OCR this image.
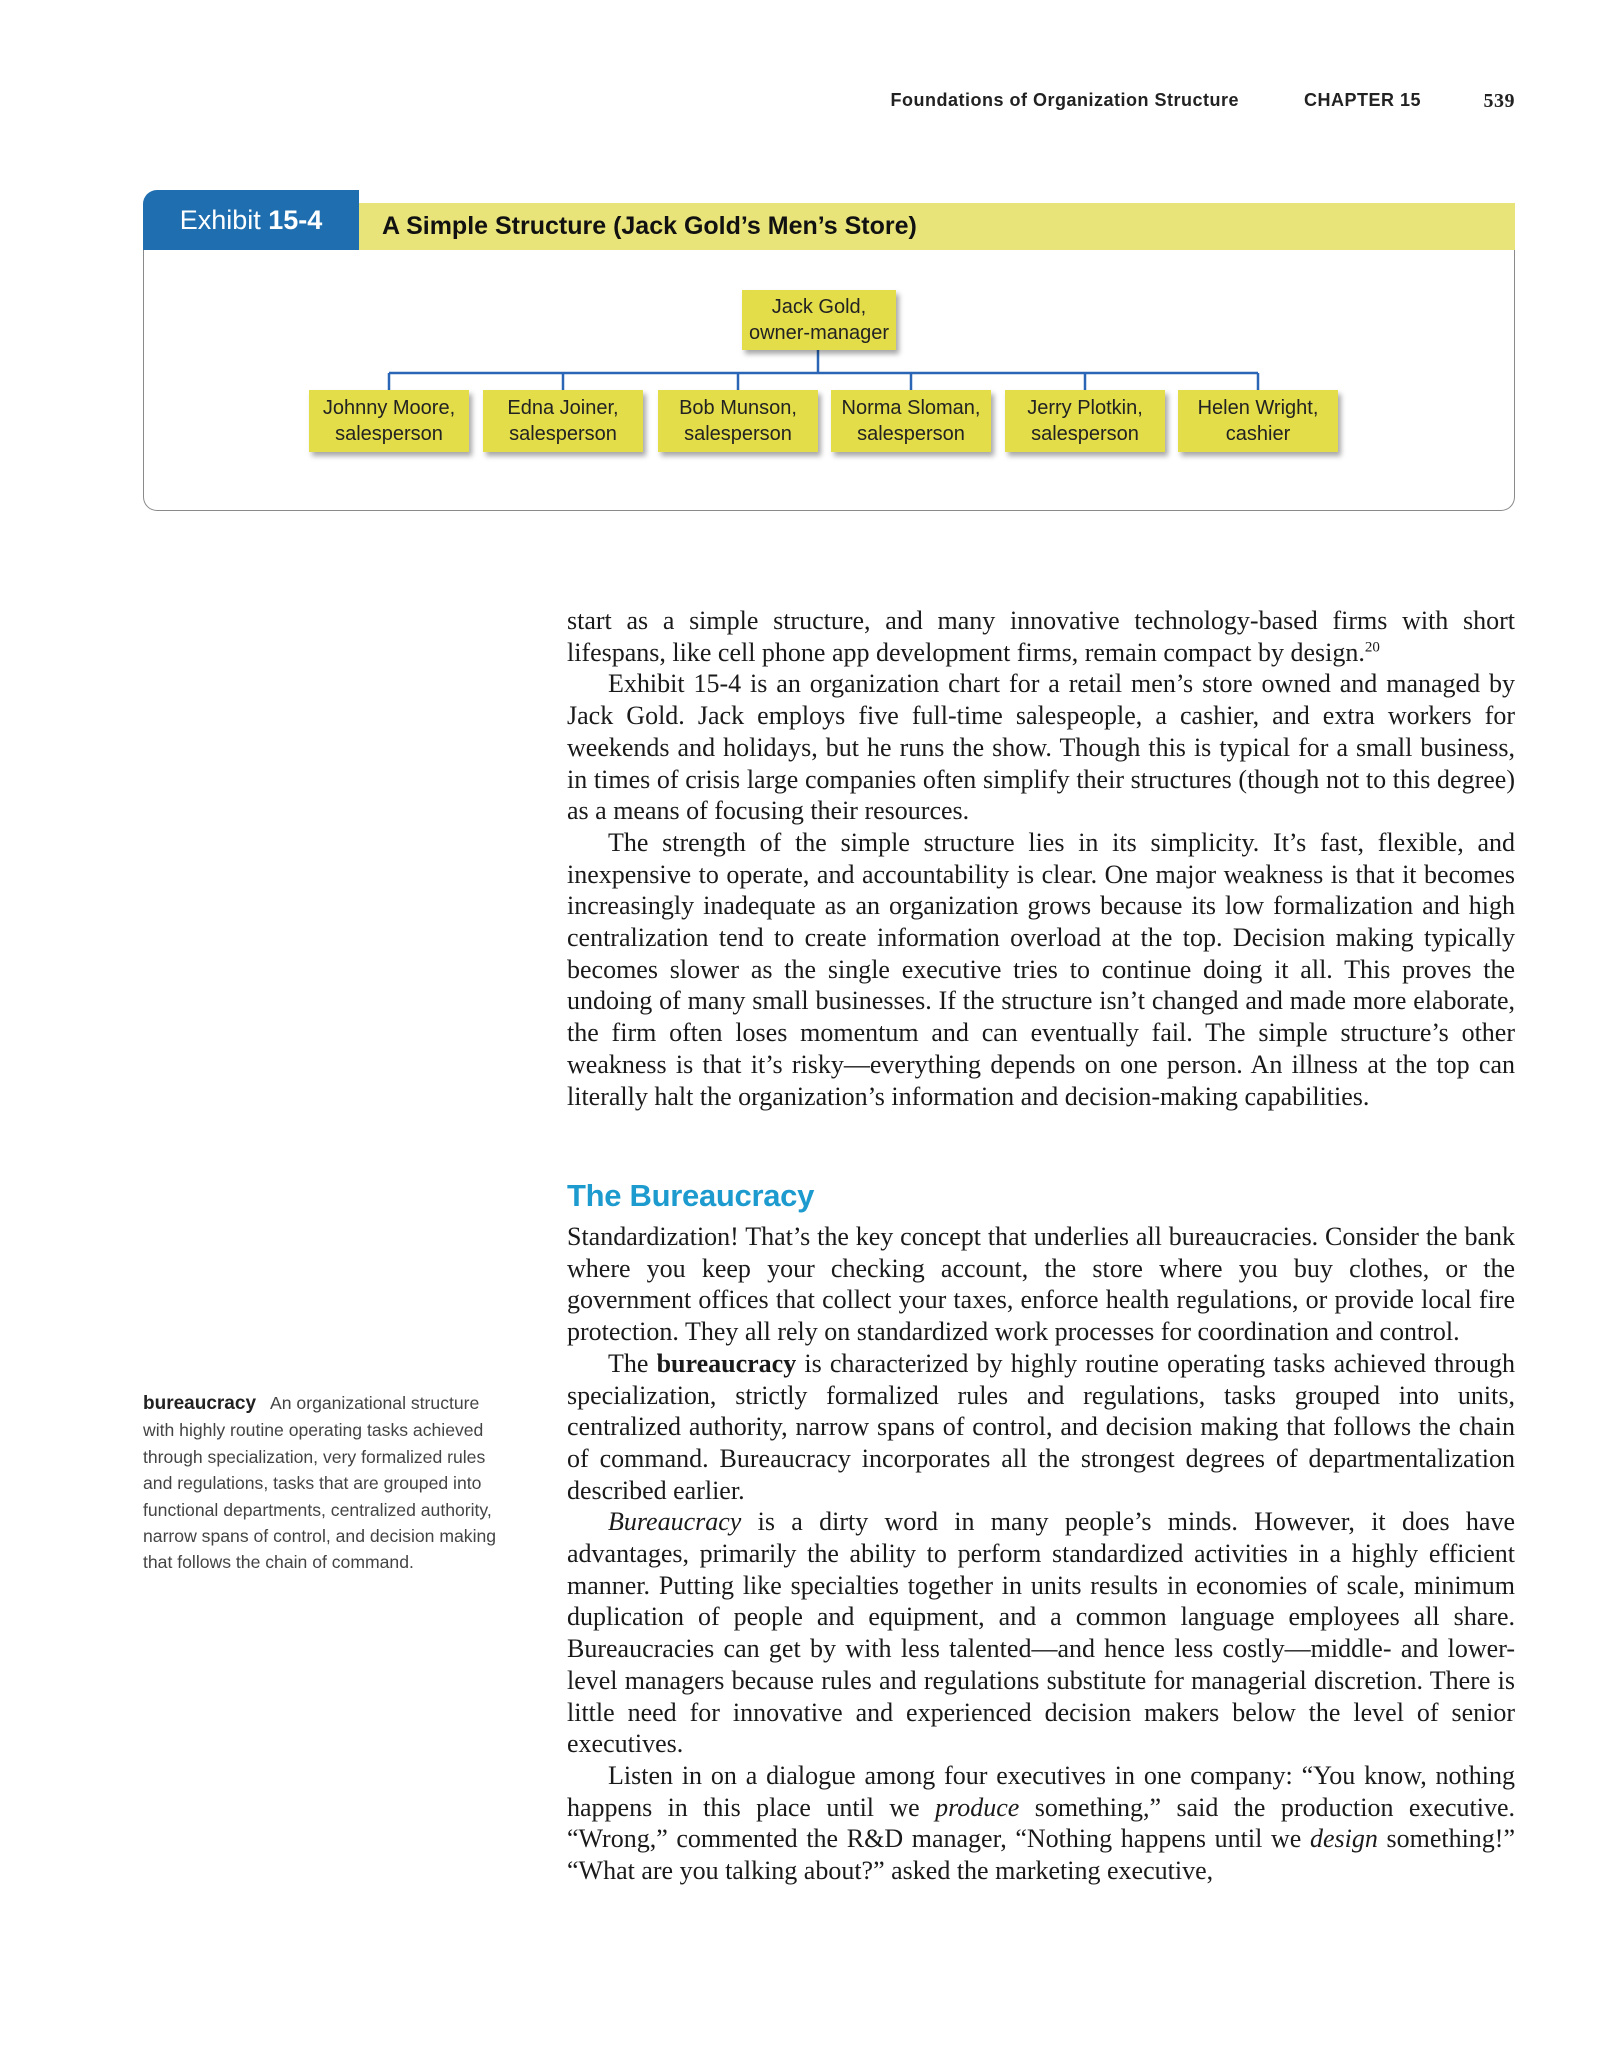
Foundations of Organization Structure	CHAPTER 15	539
Exhibit 15-4	A Simple Structure (Jack Gold’s Men’s Store)
Jack Gold,
owner-manager
Johnny Moore,
salesperson
Edna Joiner,
salesperson
Bob Munson,
salesperson
Norma Sloman,
salesperson
Jerry Plotkin,
salesperson
Helen Wright,
cashier

start as a simple structure, and many innovative technology-based firms with short lifespans, like cell phone app development firms, remain compact by design.$^{20}$

Exhibit 15-4 is an organization chart for a retail men’s store owned and managed by Jack Gold. Jack employs five full-time salespeople, a cashier, and extra workers for weekends and holidays, but he runs the show. Though this is typical for a small business, in times of crisis large companies often simplify their structures (though not to this degree) as a means of focusing their resources.

The strength of the simple structure lies in its simplicity. It’s fast, flexible, and inexpensive to operate, and accountability is clear. One major weakness is that it becomes increasingly inadequate as an organization grows because its low formalization and high centralization tend to create information overload at the top. Decision making typically becomes slower as the single executive tries to continue doing it all. This proves the undoing of many small businesses. If the structure isn’t changed and made more elaborate, the firm often loses momentum and can eventually fail. The simple structure’s other weakness is that it’s risky—everything depends on one person. An illness at the top can literally halt the organization’s information and decision-making capabilities.

The Bureaucracy

Standardization! That’s the key concept that underlies all bureaucracies. Consider the bank where you keep your checking account, the store where you buy clothes, or the government offices that collect your taxes, enforce health regulations, or provide local fire protection. They all rely on standardized work processes for coordination and control.

The bureaucracy is characterized by highly routine operating tasks achieved through specialization, strictly formalized rules and regulations, tasks grouped into units, centralized authority, narrow spans of control, and decision making that follows the chain of command. Bureaucracy incorporates all the strongest degrees of departmentalization described earlier.

Bureaucracy is a dirty word in many people’s minds. However, it does have advantages, primarily the ability to perform standardized activities in a highly efficient manner. Putting like specialties together in units results in economies of scale, minimum duplication of people and equipment, and a common language employees all share. Bureaucracies can get by with less talented—and hence less costly—middle- and lower-level managers because rules and regulations substitute for managerial discretion. There is little need for innovative and experienced decision makers below the level of senior executives.

Listen in on a dialogue among four executives in one company: “You know, nothing happens in this place until we produce something,” said the production executive. “Wrong,” commented the R&D manager, “Nothing happens until we design something!” “What are you talking about?” asked the marketing executive,

bureaucracy An organizational structure with highly routine operating tasks achieved through specialization, very formalized rules and regulations, tasks that are grouped into functional departments, centralized authority, narrow spans of control, and decision making that follows the chain of command.
